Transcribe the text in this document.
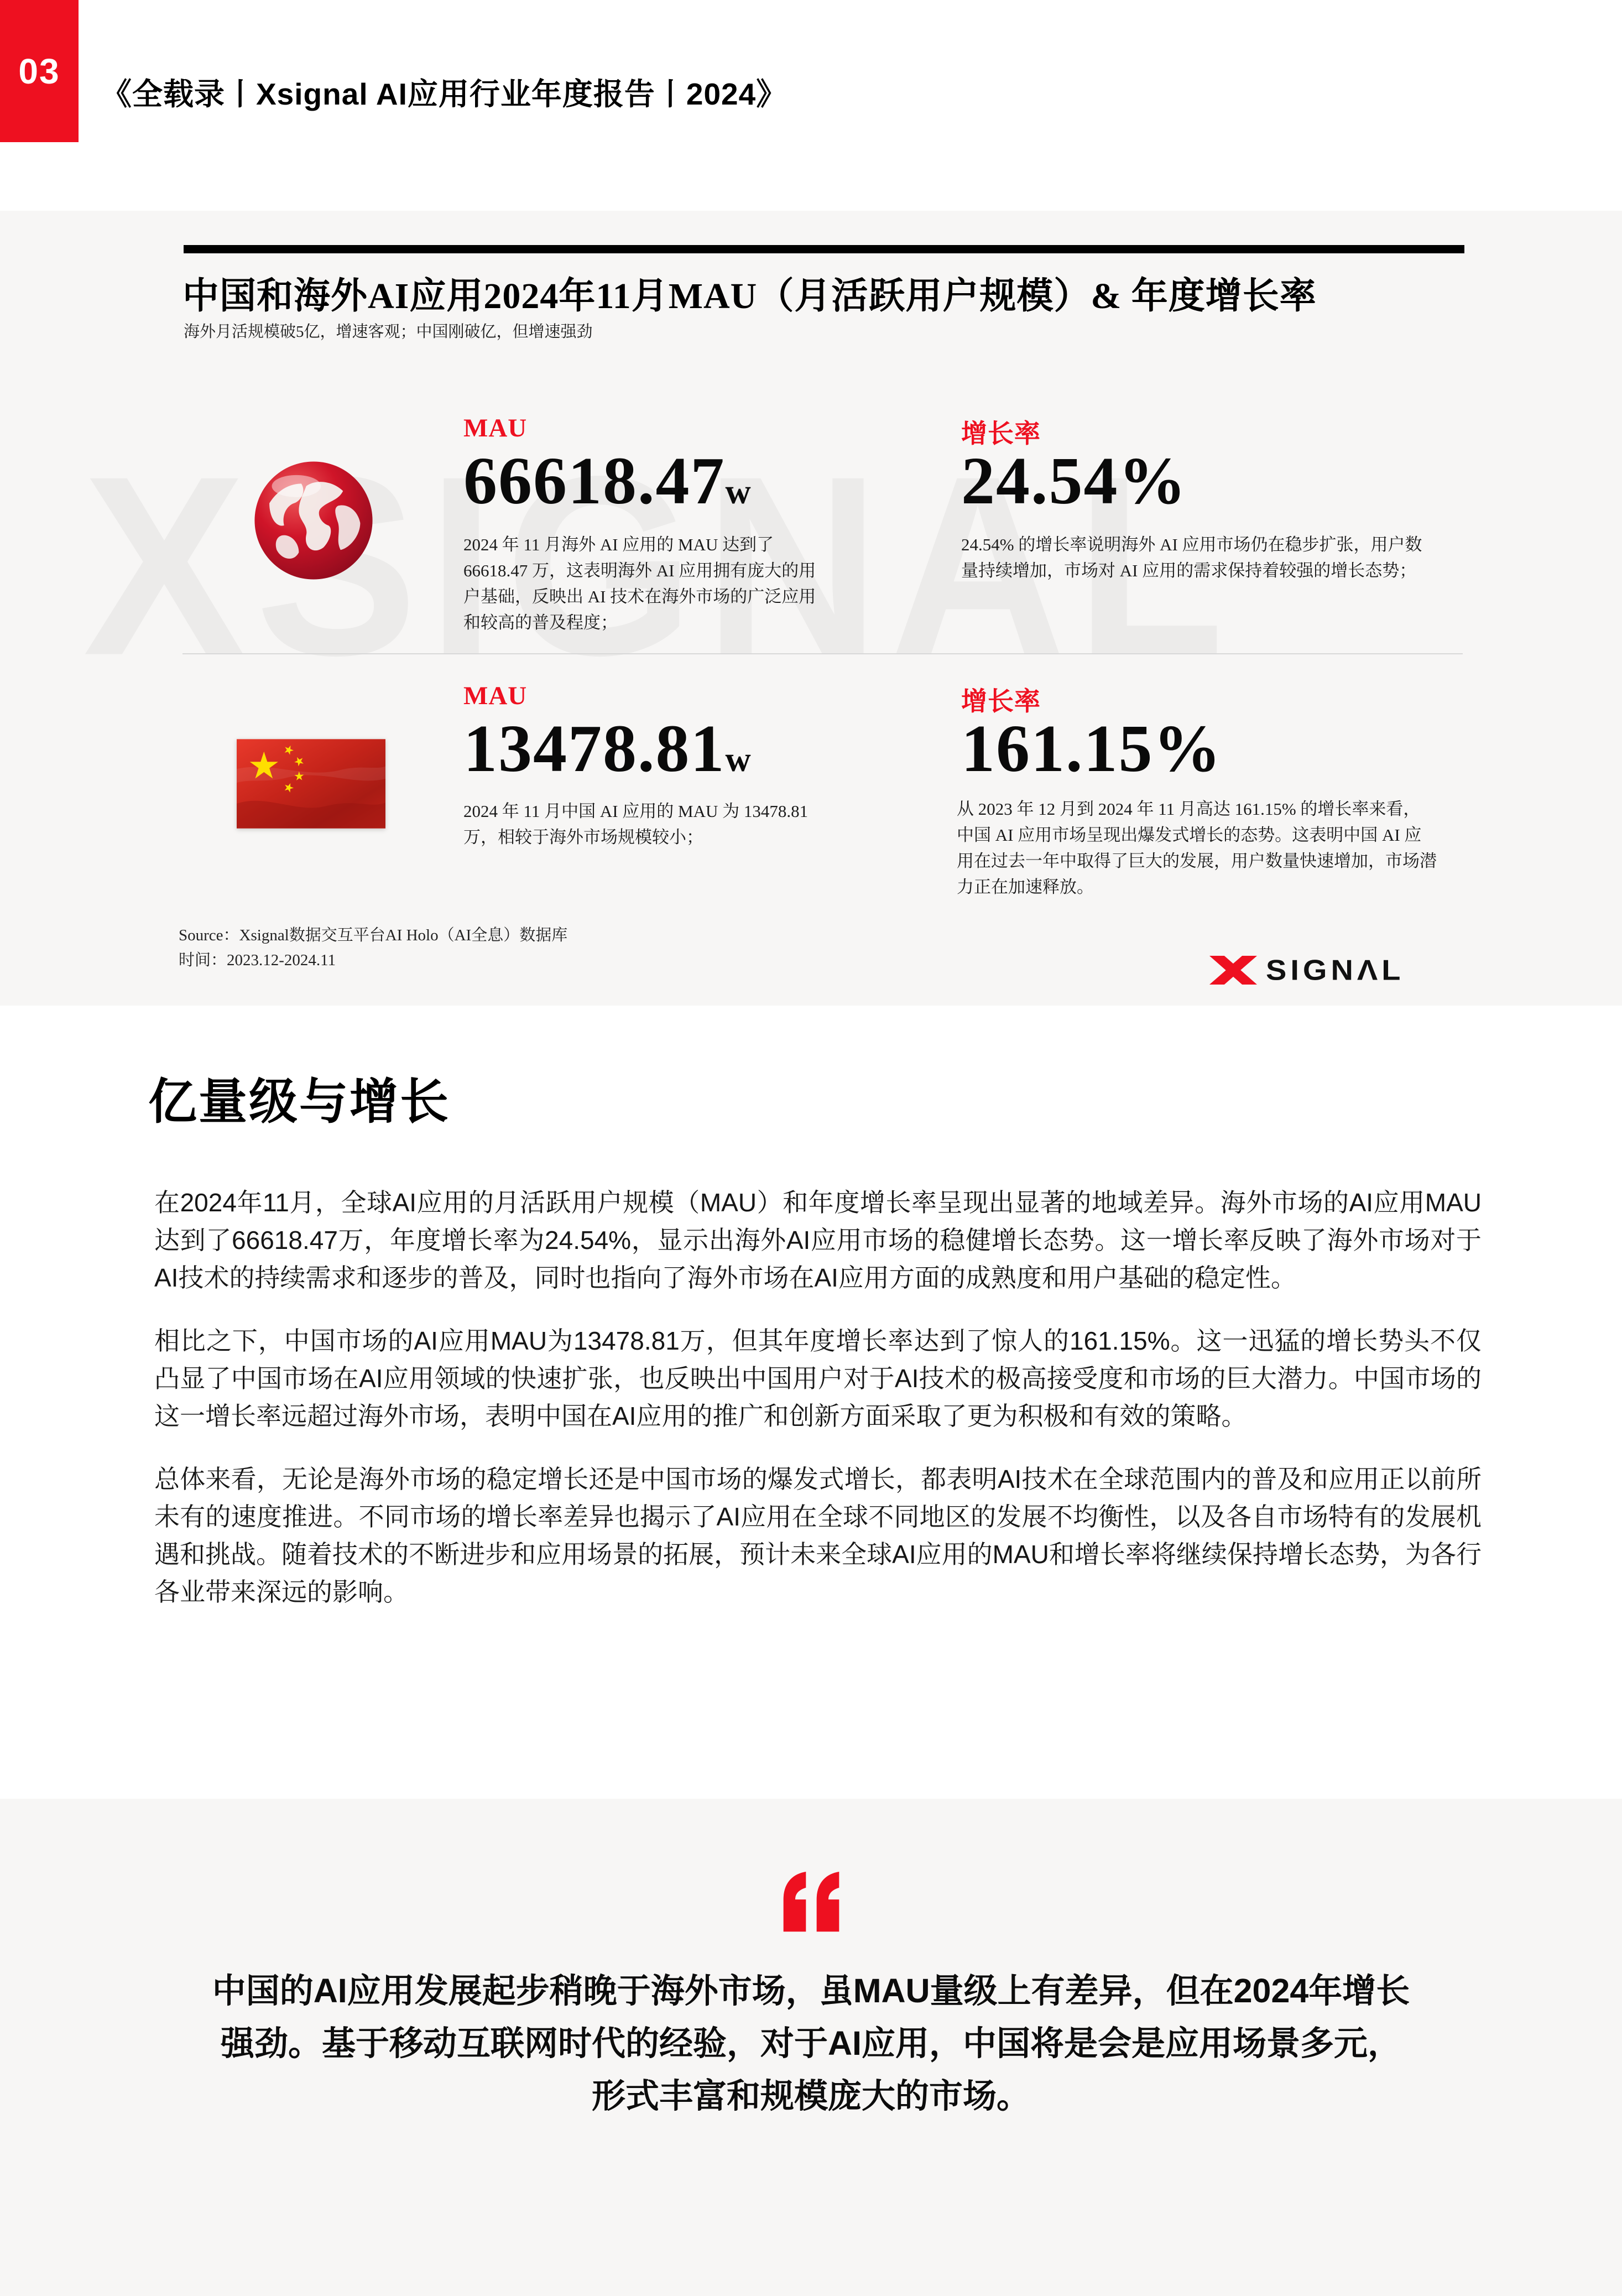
03
《全载录丨Xsignal AI应用行业年度报告丨2024》
中国和海外AI应用2024年11月MAU（月活跃用户规模）& 年度增长率
海外月活规模破5亿，增速客观；中国刚破亿，但增速强劲
MAU
66618.47w
2024 年 11 月海外 AI 应用的 MAU 达到了 66618.47 万，这表明海外 AI 应用拥有庞大的用户基础，反映出 AI 技术在海外市场的广泛应用和较高的普及程度；
增长率
24.54%
24.54% 的增长率说明海外 AI 应用市场仍在稳步扩张，用户数量持续增加，市场对 AI 应用的需求保持着较强的增长态势；
MAU
13478.81w
2024 年 11 月中国 AI 应用的 MAU 为 13478.81 万，相较于海外市场规模较小；
增长率
161.15%
从 2023 年 12 月到 2024 年 11 月高达 161.15% 的增长率来看，中国 AI 应用市场呈现出爆发式增长的态势。这表明中国 AI 应用在过去一年中取得了巨大的发展，用户数量快速增加，市场潜力正在加速释放。
Source：Xsignal数据交互平台AI Holo（AI全息）数据库
时间：2023.12-2024.11	SIGNΛL
亿量级与增长

在2024年11月，全球AI应用的月活跃用户规模（MAU）和年度增长率呈现出显著的地域差异。海外市场的AI应用MAU达到了66618.47万，年度增长率为24.54%，显示出海外AI应用市场的稳健增长态势。这一增长率反映了海外市场对于AI技术的持续需求和逐步的普及，同时也指向了海外市场在AI应用方面的成熟度和用户基础的稳定性。

相比之下，中国市场的AI应用MAU为13478.81万，但其年度增长率达到了惊人的161.15%。这一迅猛的增长势头不仅凸显了中国市场在AI应用领域的快速扩张，也反映出中国用户对于AI技术的极高接受度和市场的巨大潜力。中国市场的这一增长率远超过海外市场，表明中国在AI应用的推广和创新方面采取了更为积极和有效的策略。

总体来看，无论是海外市场的稳定增长还是中国市场的爆发式增长，都表明AI技术在全球范围内的普及和应用正以前所未有的速度推进。不同市场的增长率差异也揭示了AI应用在全球不同地区的发展不均衡性，以及各自市场特有的发展机遇和挑战。随着技术的不断进步和应用场景的拓展，预计未来全球AI应用的MAU和增长率将继续保持增长态势，为各行各业带来深远的影响。

中国的AI应用发展起步稍晚于海外市场，虽MAU量级上有差异，但在2024年增长
强劲。基于移动互联网时代的经验，对于AI应用，中国将是会是应用场景多元，
形式丰富和规模庞大的市场。
